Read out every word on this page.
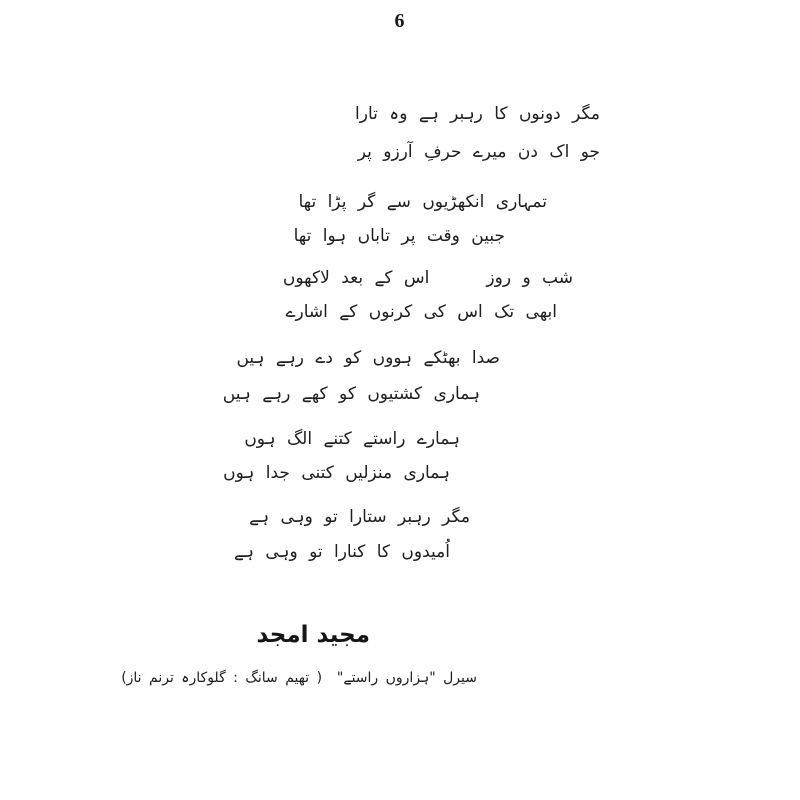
6
مگر دونوں کا رہبر ہے وہ تارا
جو اک دن میرے حرفِ آرزو پر
تمہاری انکھڑیوں سے گر پڑا تھا
جبین وقت پر تاباں ہوا تھا
شب و روز     اس کے بعد لاکھوں
ابھی تک اس کی کرنوں کے اشارے
صدا بھٹکے ہووں کو دے رہے ہیں
ہماری کشتیوں کو کھے رہے ہیں
ہمارے راستے کتنے الگ ہوں
ہماری منزلیں کتنی جدا ہوں
مگر رہبر ستارا تو وہی ہے
اُمیدوں کا کنارا تو وہی ہے
مجید امجد
سیرل "ہزاروں راستے"  ( تھیم سانگ : گلوکارہ ترنم ناز)
